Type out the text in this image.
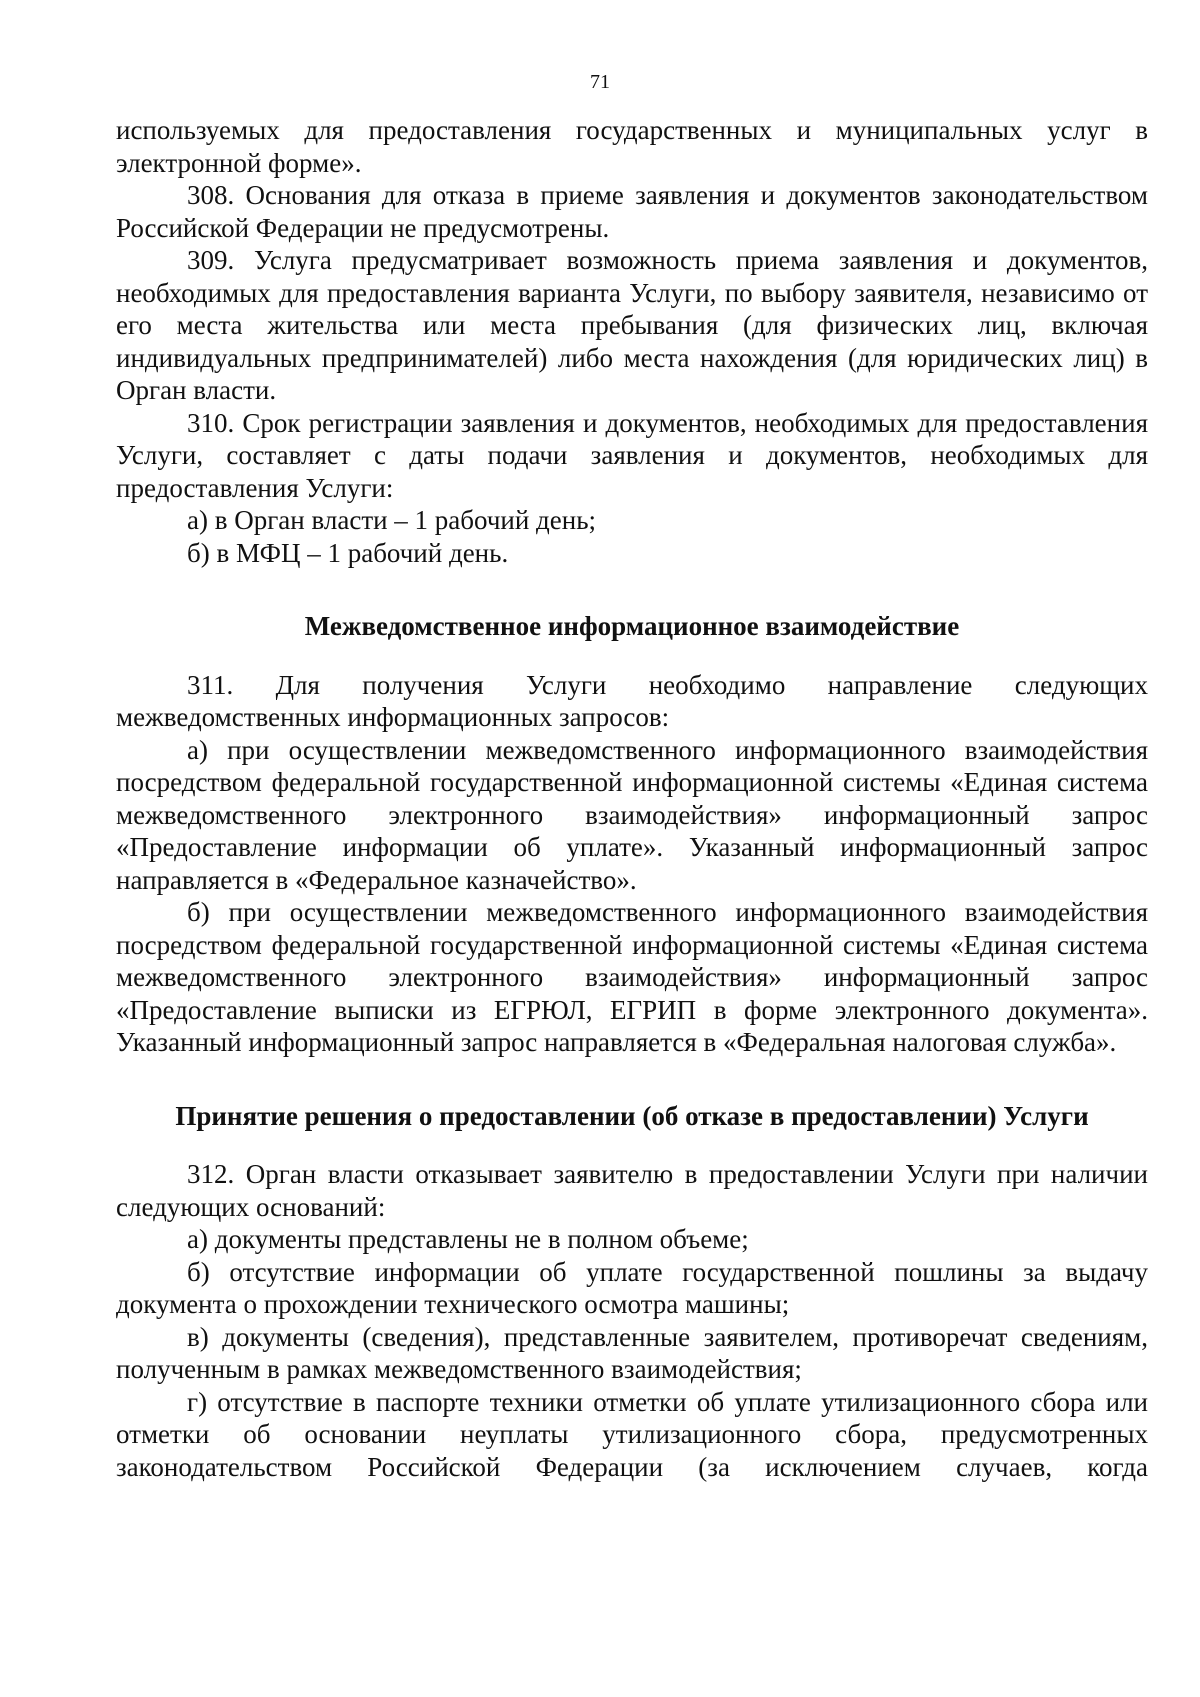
71

используемых для предоставления государственных и муниципальных услуг в электронной форме».

308. Основания для отказа в приеме заявления и документов законодательством Российской Федерации не предусмотрены.

309. Услуга предусматривает возможность приема заявления и документов, необходимых для предоставления варианта Услуги, по выбору заявителя, независимо от его места жительства или места пребывания (для физических лиц, включая индивидуальных предпринимателей) либо места нахождения (для юридических лиц) в Орган власти.

310. Срок регистрации заявления и документов, необходимых для предоставления Услуги, составляет с даты подачи заявления и документов, необходимых для предоставления Услуги:

а) в Орган власти – 1 рабочий день;

б) в МФЦ – 1 рабочий день.

Межведомственное информационное взаимодействие

311. Для получения Услуги необходимо направление следующих межведомственных информационных запросов:

а) при осуществлении межведомственного информационного взаимодействия посредством федеральной государственной информационной системы «Единая система межведомственного электронного взаимодействия» информационный запрос «Предоставление информации об уплате». Указанный информационный запрос направляется в «Федеральное казначейство».

б) при осуществлении межведомственного информационного взаимодействия посредством федеральной государственной информационной системы «Единая система межведомственного электронного взаимодействия» информационный запрос «Предоставление выписки из ЕГРЮЛ, ЕГРИП в форме электронного документа». Указанный информационный запрос направляется в «Федеральная налоговая служба».

Принятие решения о предоставлении (об отказе в предоставлении) Услуги

312. Орган власти отказывает заявителю в предоставлении Услуги при наличии следующих оснований:

а) документы представлены не в полном объеме;

б) отсутствие информации об уплате государственной пошлины за выдачу документа о прохождении технического осмотра машины;

в) документы (сведения), представленные заявителем, противоречат сведениям, полученным в рамках межведомственного взаимодействия;

г) отсутствие в паспорте техники отметки об уплате утилизационного сбора или отметки об основании неуплаты утилизационного сбора, предусмотренных законодательством Российской Федерации (за исключением случаев, когда
